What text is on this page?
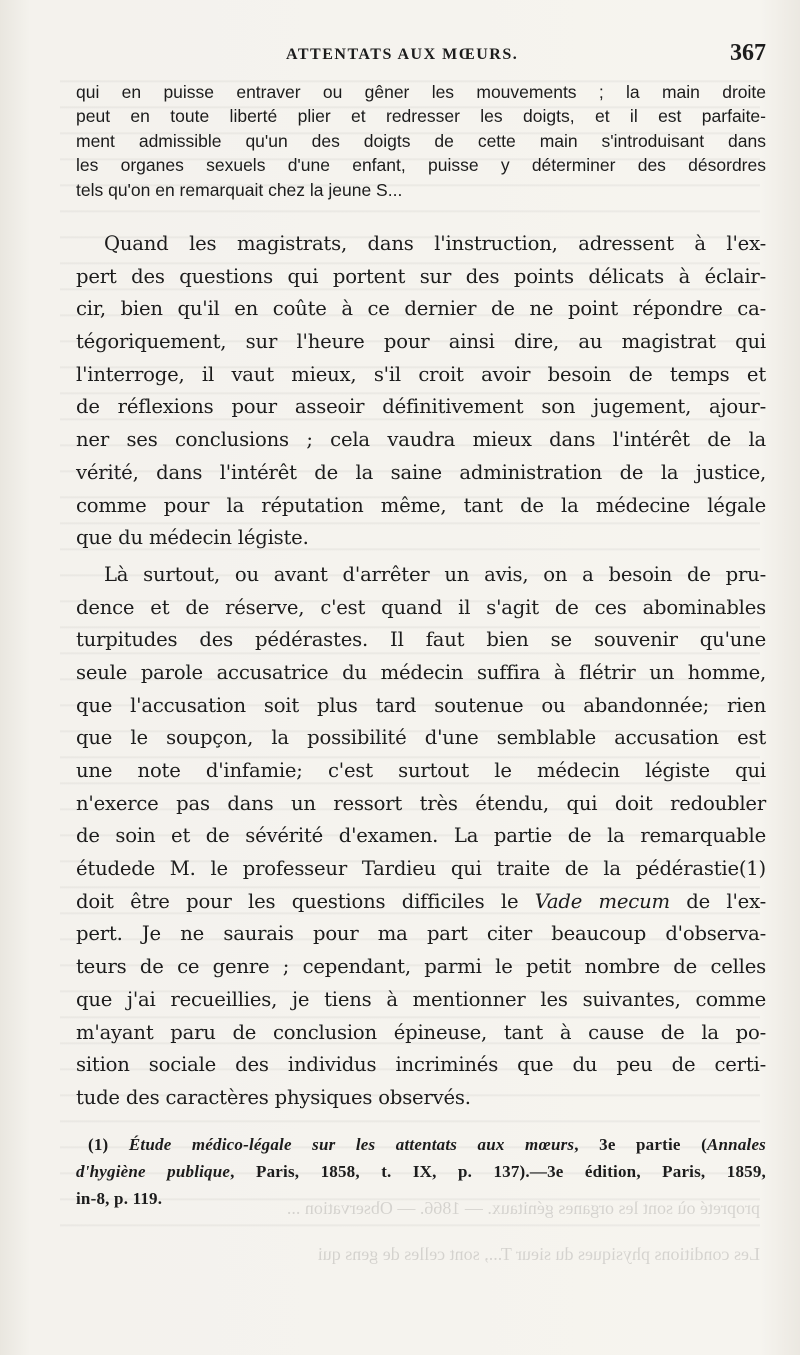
ATTENTATS AUX MŒURS.	367
qui en puisse entraver ou gêner les mouvements ; la main droite
peut en toute liberté plier et redresser les doigts, et il est parfaite-
ment admissible qu'un des doigts de cette main s'introduisant dans
les organes sexuels d'une enfant, puisse y déterminer des désordres
tels qu'on en remarquait chez la jeune S...
Quand les magistrats, dans l'instruction, adressent à l'ex-
pert des questions qui portent sur des points délicats à éclair-
cir, bien qu'il en coûte à ce dernier de ne point répondre ca-
tégoriquement, sur l'heure pour ainsi dire, au magistrat qui
l'interroge, il vaut mieux, s'il croit avoir besoin de temps et
de réflexions pour asseoir définitivement son jugement, ajour-
ner ses conclusions ; cela vaudra mieux dans l'intérêt de la
vérité, dans l'intérêt de la saine administration de la justice,
comme pour la réputation même, tant de la médecine légale
que du médecin légiste.
Là surtout, ou avant d'arrêter un avis, on a besoin de pru-
dence et de réserve, c'est quand il s'agit de ces abominables
turpitudes des pédérastes. Il faut bien se souvenir qu'une
seule parole accusatrice du médecin suffira à flétrir un homme,
que l'accusation soit plus tard soutenue ou abandonnée; rien
que le soupçon, la possibilité d'une semblable accusation est
une note d'infamie; c'est surtout le médecin légiste qui
n'exerce pas dans un ressort très étendu, qui doit redoubler
de soin et de sévérité d'examen. La partie de la remarquable
étudede M. le professeur Tardieu qui traite de la pédérastie(1)
doit être pour les questions difficiles le Vade mecum de l'ex-
pert. Je ne saurais pour ma part citer beaucoup d'observa-
teurs de ce genre ; cependant, parmi le petit nombre de celles
que j'ai recueillies, je tiens à mentionner les suivantes, comme
m'ayant paru de conclusion épineuse, tant à cause de la po-
sition sociale des individus incriminés que du peu de certi-
tude des caractères physiques observés.
(1) Étude médico-légale sur les attentats aux mœurs, 3e partie (Annales
d'hygiène publique, Paris, 1858, t. IX, p. 137).—3e édition, Paris, 1859,
in-8, p. 119.	propreté où sont les organes génitaux. — 1866. — Observation ...
Les conditions physiques du sieur T..., sont celles de gens qui
